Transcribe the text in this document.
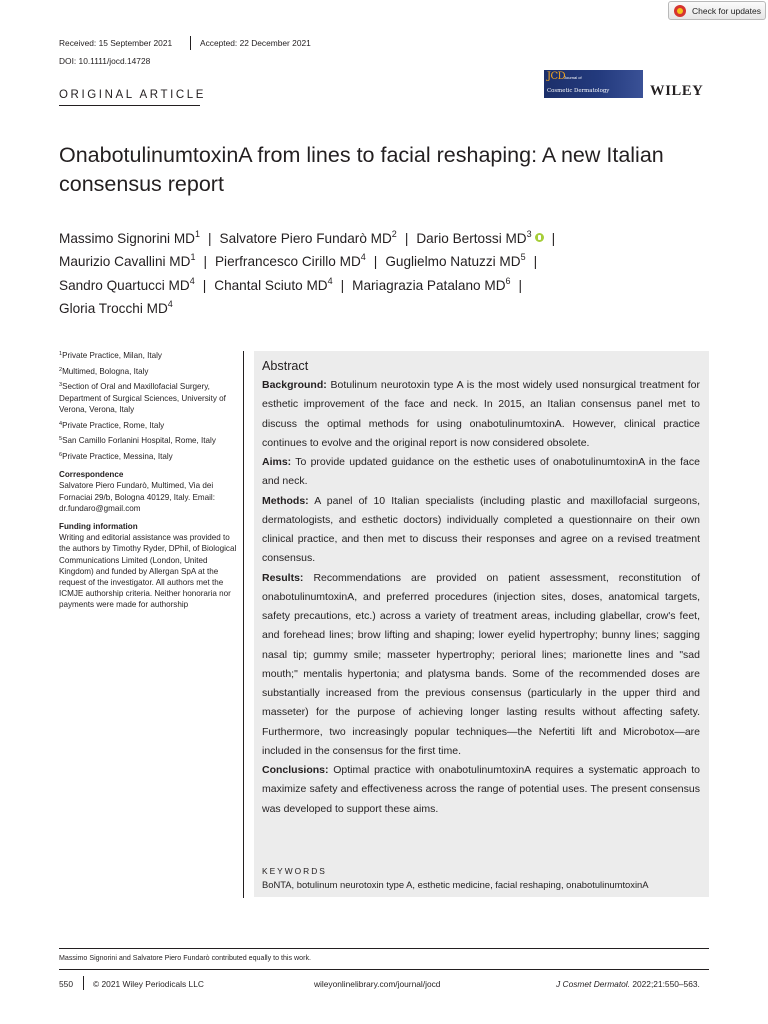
Check for updates
Received: 15 September 2021	Accepted: 22 December 2021
DOI: 10.1111/jocd.14728
ORIGINAL ARTICLE
JCD
Journal of
Cosmetic Dermatology	WILEY
OnabotulinumtoxinA from lines to facial reshaping: A new Italian consensus report
Massimo Signorini $MD^1$ | Salvatore Piero Fundarò $MD^2$ | Dario Bertossi $MD^3$ |
Maurizio Cavallini $MD^1$ | Pierfrancesco Cirillo $MD^4$ | Guglielmo Natuzzi $MD^5$ |
Sandro Quartucci $MD^4$ | Chantal Sciuto $MD^4$ | Mariagrazia Patalano $MD^6$ |
Gloria Trocchi $MD^4$
$^1$Private Practice, Milan, Italy
$^2$Multimed, Bologna, Italy
$^3$Section of Oral and Maxillofacial Surgery, Department of Surgical Sciences, University of Verona, Verona, Italy
$^4$Private Practice, Rome, Italy
$^5$San Camillo Forlanini Hospital, Rome, Italy
$^6$Private Practice, Messina, Italy
Correspondence
Salvatore Piero Fundarò, Multimed, Via dei Fornaciai 29/b, Bologna 40129, Italy. Email: dr.fundaro@gmail.com
Funding information
Writing and editorial assistance was provided to the authors by Timothy Ryder, DPhil, of Biological Communications Limited (London, United Kingdom) and funded by Allergan SpA at the request of the investigator. All authors met the ICMJE authorship criteria. Neither honoraria nor payments were made for authorship
Abstract
Background: Botulinum neurotoxin type A is the most widely used nonsurgical treatment for esthetic improvement of the face and neck. In 2015, an Italian consensus panel met to discuss the optimal methods for using onabotulinumtoxinA. However, clinical practice continues to evolve and the original report is now considered obsolete.
Aims: To provide updated guidance on the esthetic uses of onabotulinumtoxinA in the face and neck.
Methods: A panel of 10 Italian specialists (including plastic and maxillofacial surgeons, dermatologists, and esthetic doctors) individually completed a questionnaire on their own clinical practice, and then met to discuss their responses and agree on a revised treatment consensus.
Results: Recommendations are provided on patient assessment, reconstitution of onabotulinumtoxinA, and preferred procedures (injection sites, doses, anatomical targets, safety precautions, etc.) across a variety of treatment areas, including glabellar, crow's feet, and forehead lines; brow lifting and shaping; lower eyelid hypertrophy; bunny lines; sagging nasal tip; gummy smile; masseter hypertrophy; perioral lines; marionette lines and "sad mouth;" mentalis hypertonia; and platysma bands. Some of the recommended doses are substantially increased from the previous consensus (particularly in the upper third and masseter) for the purpose of achieving longer lasting results without affecting safety. Furthermore, two increasingly popular techniques—the Nefertiti lift and Microbotox—are included in the consensus for the first time.
Conclusions: Optimal practice with onabotulinumtoxinA requires a systematic approach to maximize safety and effectiveness across the range of potential uses. The present consensus was developed to support these aims.
KEYWORDS
BoNTA, botulinum neurotoxin type A, esthetic medicine, facial reshaping, onabotulinumtoxinA
Massimo Signorini and Salvatore Piero Fundarò contributed equally to this work.
550 © 2021 Wiley Periodicals LLC	wileyonlinelibrary.com/journal/jocd	J Cosmet Dermatol. 2022;21:550–563.
